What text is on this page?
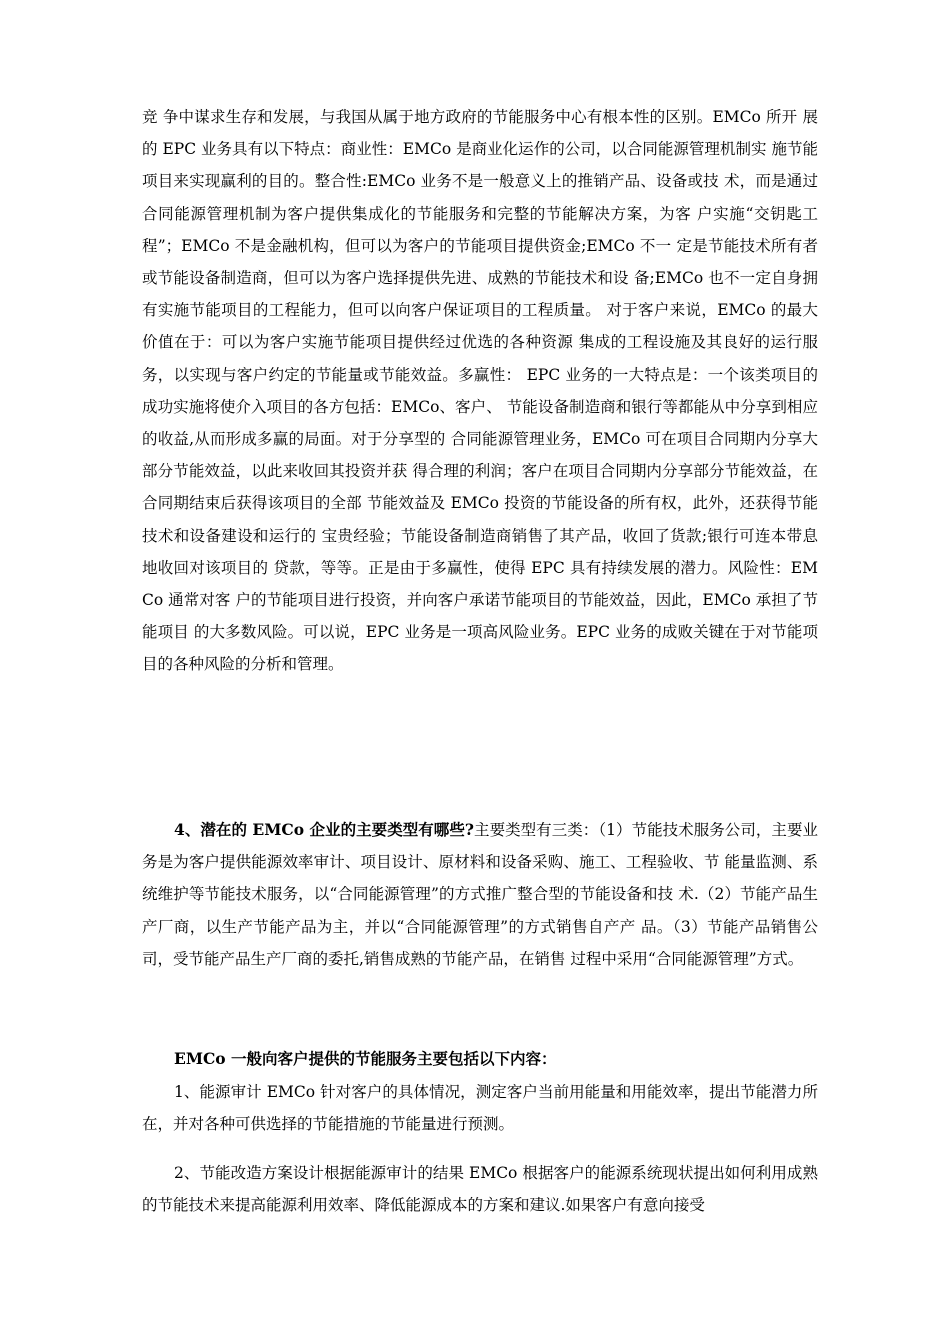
竞 争中谋求生存和发展，与我国从属于地方政府的节能服务中心有根本性的区别。EMCo 所开 展的 EPC 业务具有以下特点：商业性：EMCo 是商业化运作的公司，以合同能源管理机制实 施节能项目来实现赢利的目的。整合性:EMCo 业务不是一般意义上的推销产品、设备或技 术，而是通过合同能源管理机制为客户提供集成化的节能服务和完整的节能解决方案，为客 户实施“交钥匙工程”；EMCo 不是金融机构，但可以为客户的节能项目提供资金;EMCo 不一 定是节能技术所有者或节能设备制造商，但可以为客户选择提供先进、成熟的节能技术和设 备;EMCo 也不一定自身拥有实施节能项目的工程能力，但可以向客户保证项目的工程质量。 对于客户来说，EMCo 的最大价值在于：可以为客户实施节能项目提供经过优选的各种资源 集成的工程设施及其良好的运行服务，以实现与客户约定的节能量或节能效益。多赢性： EPC 业务的一大特点是：一个该类项目的成功实施将使介入项目的各方包括：EMCo、客户、 节能设备制造商和银行等都能从中分享到相应的收益,从而形成多赢的局面。对于分享型的 合同能源管理业务，EMCo 可在项目合同期内分享大部分节能效益，以此来收回其投资并获 得合理的利润；客户在项目合同期内分享部分节能效益，在合同期结束后获得该项目的全部 节能效益及 EMCo 投资的节能设备的所有权，此外，还获得节能技术和设备建设和运行的 宝贵经验；节能设备制造商销售了其产品，收回了货款;银行可连本带息地收回对该项目的 贷款，等等。正是由于多赢性，使得 EPC 具有持续发展的潜力。风险性：EMCo 通常对客 户的节能项目进行投资，并向客户承诺节能项目的节能效益，因此，EMCo 承担了节能项目 的大多数风险。可以说，EPC 业务是一项高风险业务。EPC 业务的成败关键在于对节能项 目的各种风险的分析和管理。
4、潜在的 EMCo 企业的主要类型有哪些?主要类型有三类：（1）节能技术服务公司，主要业务是为客户提供能源效率审计、项目设计、原材料和设备采购、施工、工程验收、节 能量监测、系统维护等节能技术服务，以“合同能源管理”的方式推广整合型的节能设备和技 术.（2）节能产品生产厂商，以生产节能产品为主，并以“合同能源管理”的方式销售自产产 品。（3）节能产品销售公司，受节能产品生产厂商的委托,销售成熟的节能产品，在销售 过程中采用“合同能源管理”方式。
EMCo 一般向客户提供的节能服务主要包括以下内容：
1、能源审计 EMCo 针对客户的具体情况，测定客户当前用能量和用能效率，提出节能潜力所在，并对各种可供选择的节能措施的节能量进行预测。
2、节能改造方案设计根据能源审计的结果 EMCo 根据客户的能源系统现状提出如何利用成熟的节能技术来提高能源利用效率、降低能源成本的方案和建议.如果客户有意向接受
